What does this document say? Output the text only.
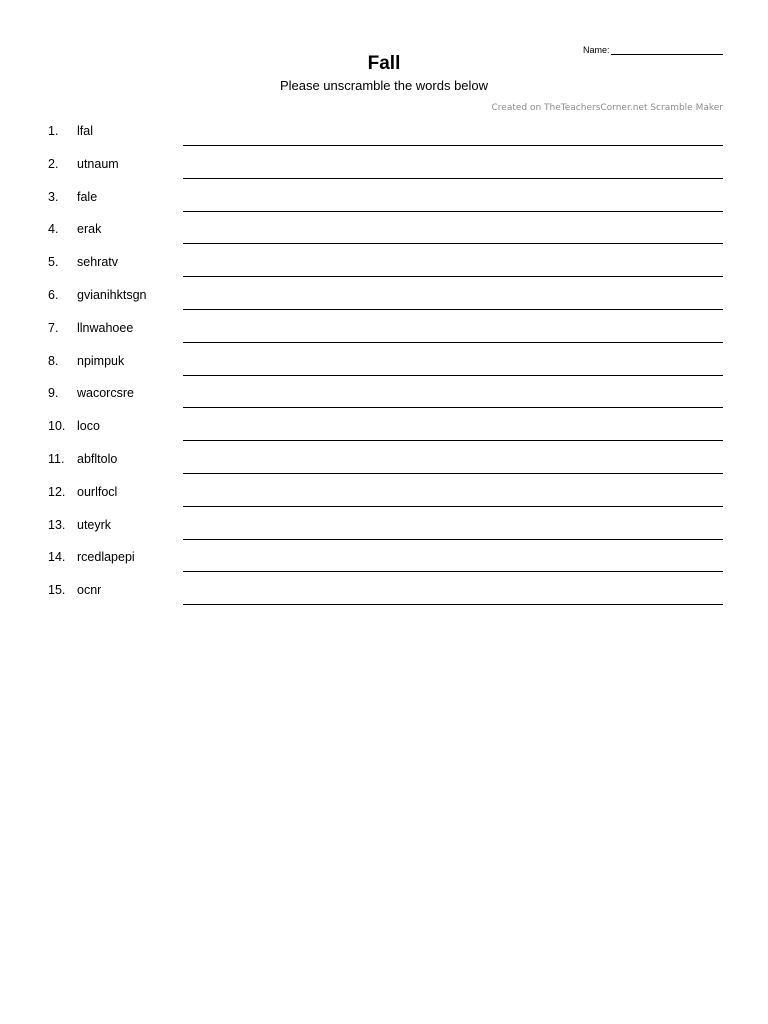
Name:
Fall
Please unscramble the words below
Created on TheTeachersCorner.net Scramble Maker
1. lfal
2. utnaum
3. fale
4. erak
5. sehratv
6. gvianihktsgn
7. llnwahoee
8. npimpuk
9. wacorcsre
10. loco
11. abfltolo
12. ourlfocl
13. uteyrk
14. rcedlapepi
15. ocnr
